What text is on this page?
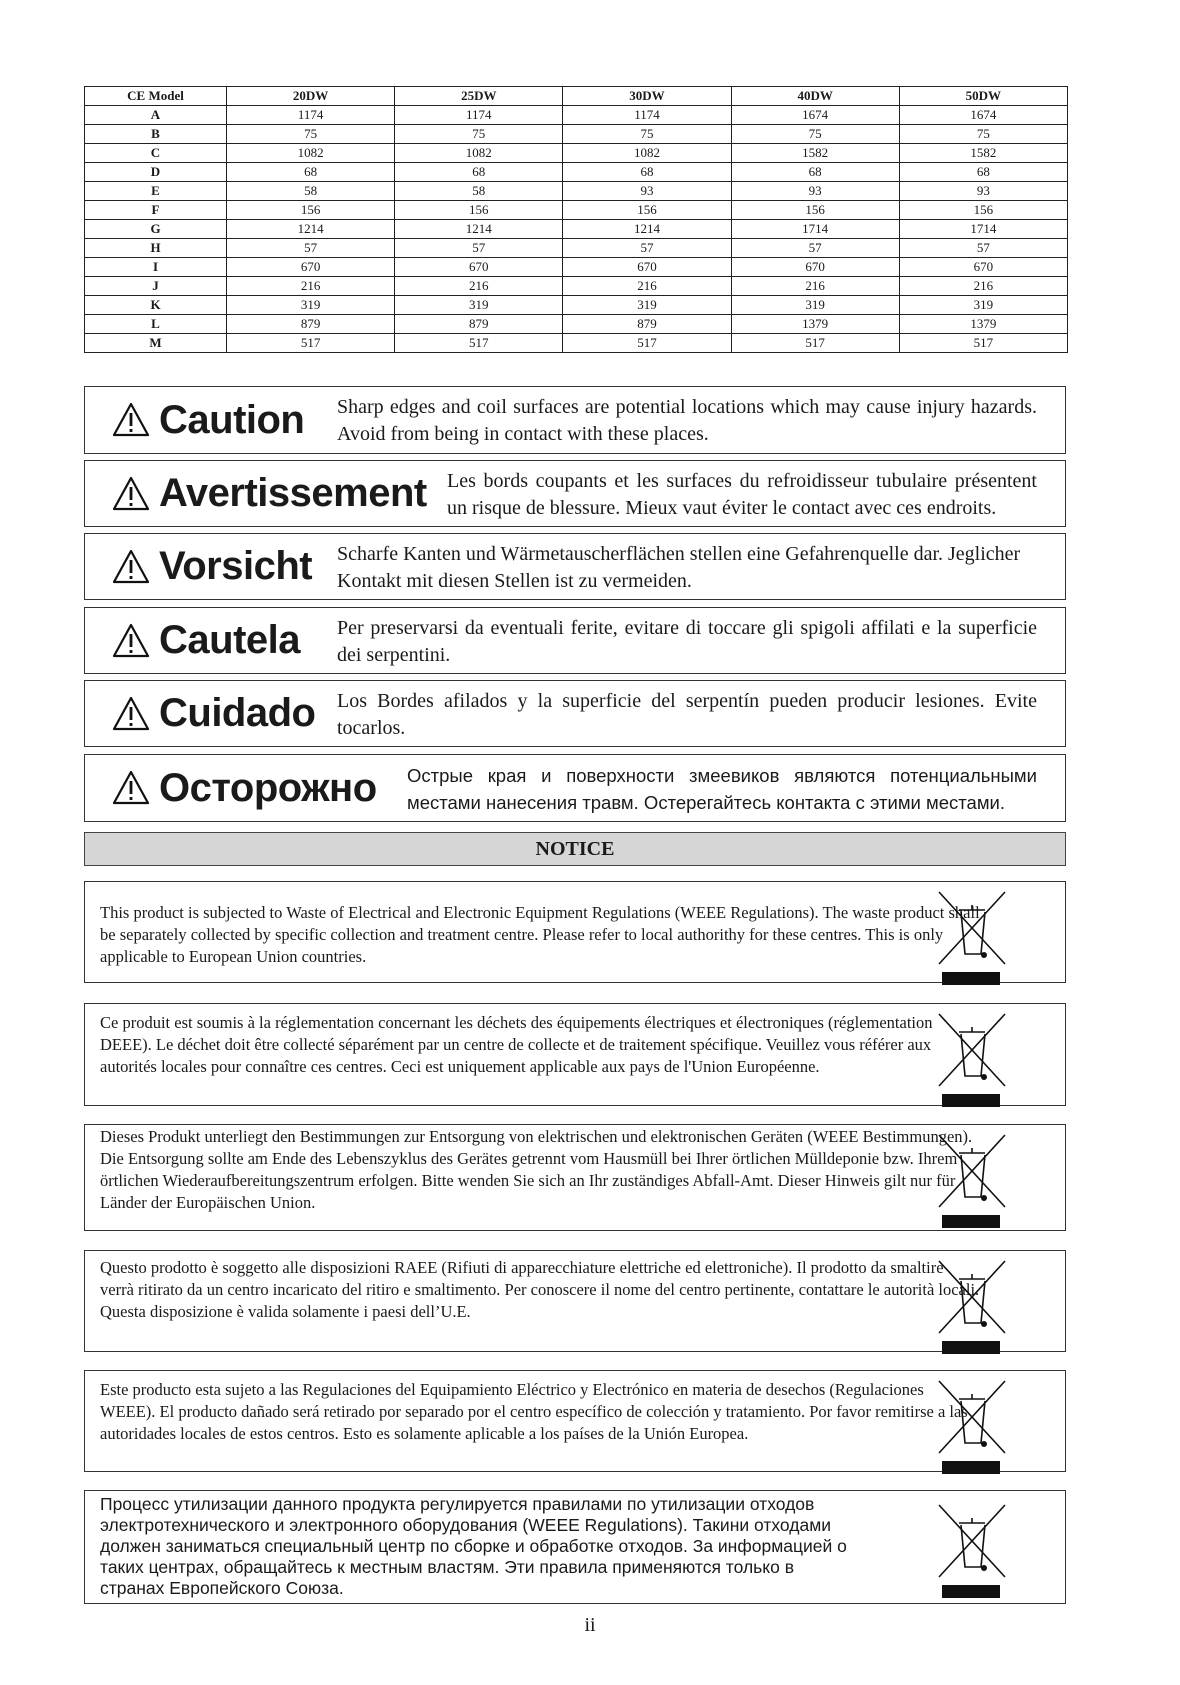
CE Model	20DW	25DW	30DW	40DW	50DW
A	1174	1174	1174	1674	1674
B	75	75	75	75	75
C	1082	1082	1082	1582	1582
D	68	68	68	68	68
E	58	58	93	93	93
F	156	156	156	156	156
G	1214	1214	1214	1714	1714
H	57	57	57	57	57
I	670	670	670	670	670
J	216	216	216	216	216
K	319	319	319	319	319
L	879	879	879	1379	1379
M	517	517	517	517	517
Caution Sharp edges and coil surfaces are potential locations which may cause injury hazards. Avoid from being in contact with these places.
Avertissement Les bords coupants et les surfaces du refroidisseur tubulaire présentent un risque de blessure. Mieux vaut éviter le contact avec ces endroits.
Vorsicht Scharfe Kanten und Wärmetauscherflächen stellen eine Gefahrenquelle dar. Jeglicher Kontakt mit diesen Stellen ist zu vermeiden.
Cautela Per preservarsi da eventuali ferite, evitare di toccare gli spigoli affilati e la superficie dei serpentini.
Cuidado Los Bordes afilados y la superficie del serpentín pueden producir lesiones. Evite tocarlos.
Осторожно Острые края и поверхности змеевиков являются потенциальными местами нанесения травм. Остерегайтесь контакта с этими местами.
NOTICE
This product is subjected to Waste of Electrical and Electronic Equipment Regulations (WEEE Regulations). The waste product shall be separately collected by specific collection and treatment centre. Please refer to local authorithy for these centres. This is only applicable to European Union countries.
Ce produit est soumis à la réglementation concernant les déchets des équipements électriques et électroniques (réglementation DEEE). Le déchet doit être collecté séparément par un centre de collecte et de traitement spécifique. Veuillez vous référer aux autorités locales pour connaître ces centres. Ceci est uniquement applicable aux pays de l'Union Européenne.
Dieses Produkt unterliegt den Bestimmungen zur Entsorgung von elektrischen und elektronischen Geräten (WEEE Bestimmungen). Die Entsorgung sollte am Ende des Lebenszyklus des Gerätes getrennt vom Hausmüll bei Ihrer örtlichen Mülldeponie bzw. Ihrem örtlichen Wiederaufbereitungszentrum erfolgen. Bitte wenden Sie sich an Ihr zuständiges Abfall-Amt. Dieser Hinweis gilt nur für Länder der Europäischen Union.
Questo prodotto è soggetto alle disposizioni RAEE (Rifiuti di apparecchiature elettriche ed elettroniche). Il prodotto da smaltire verrà ritirato da un centro incaricato del ritiro e smaltimento. Per conoscere il nome del centro pertinente, contattare le autorità locali. Questa disposizione è valida solamente i paesi dell’U.E.
Este producto esta sujeto a las Regulaciones del Equipamiento Eléctrico y Electrónico en materia de desechos (Regulaciones WEEE). El producto dañado será retirado por separado por el centro específico de colección y tratamiento. Por favor remitirse a las autoridades locales de estos centros. Esto es solamente aplicable a los países de la Unión Europea.
Процесс утилизации данного продукта регулируется правилами по утилизации отходов электротехнического и электронного оборудования (WEEE Regulations). Такини отходами должен заниматься специальный центр по сборке и обработке отходов. За информацией о таких центрах, обращайтесь к местным властям. Эти правила применяются только в странах Европейского Союза.
ii
